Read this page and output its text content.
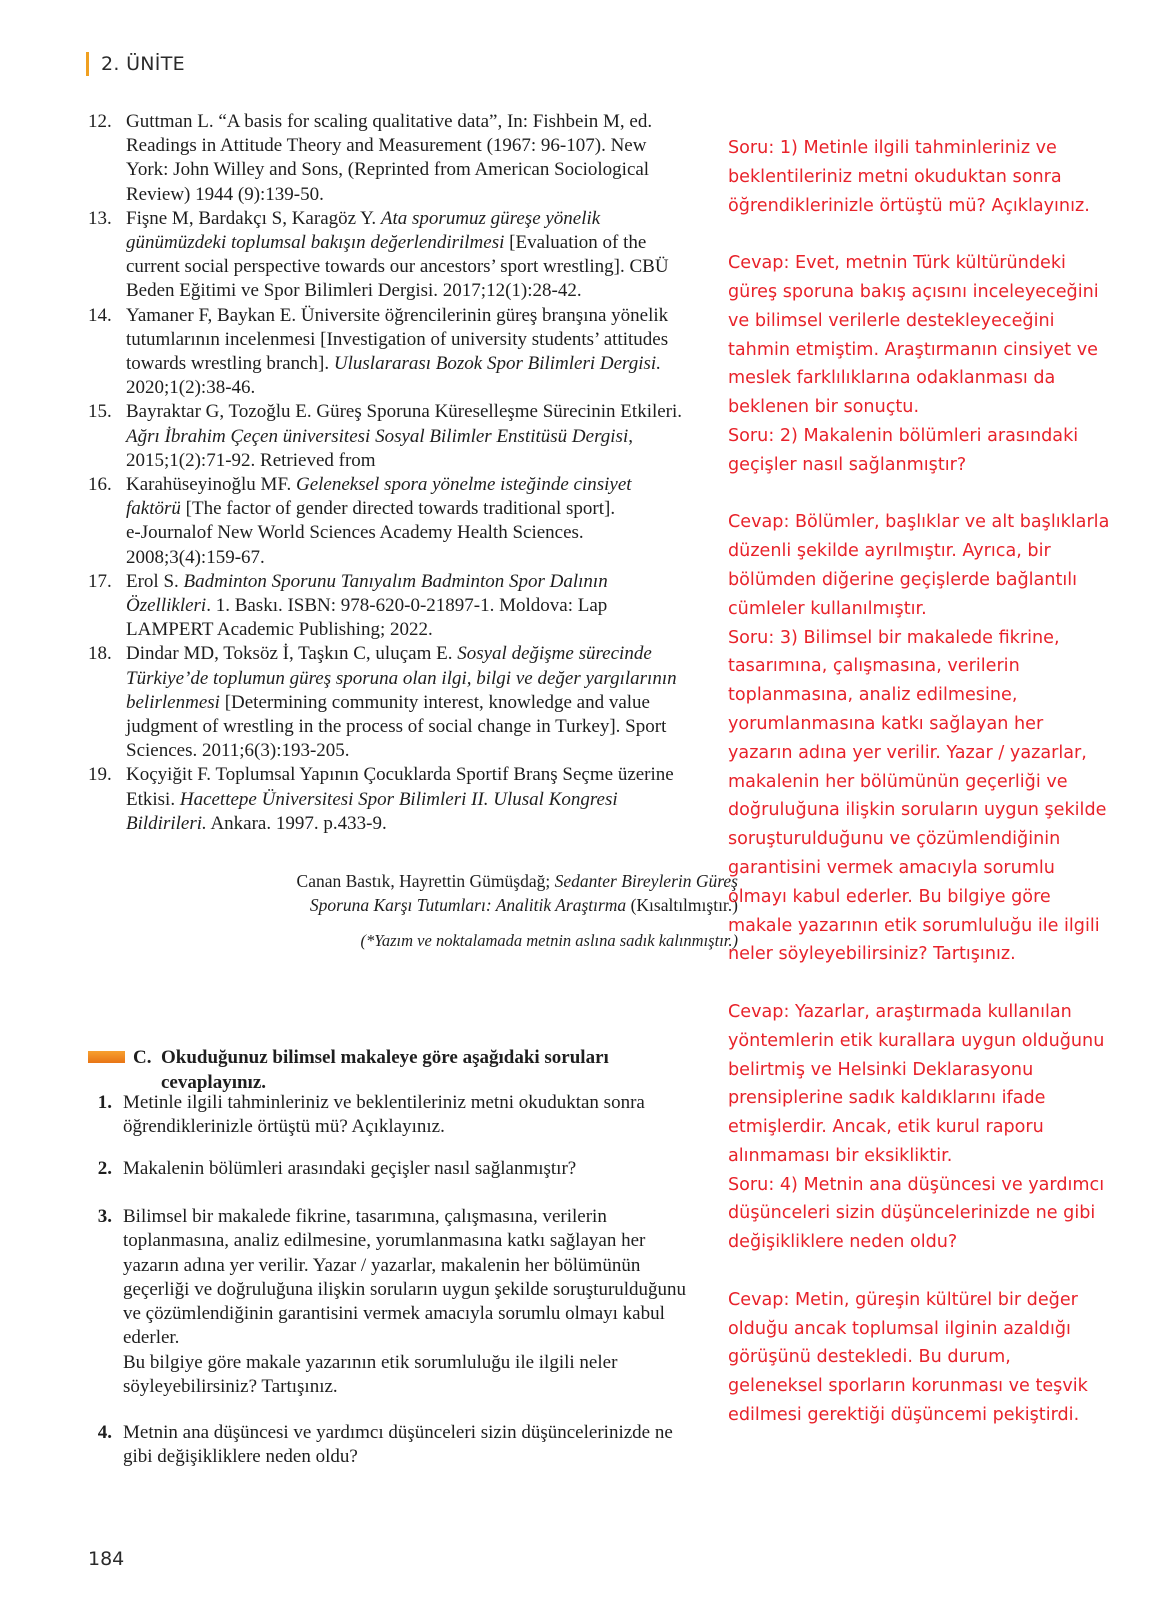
2. ÜNİTE
12. Guttman L. “A basis for scaling qualitative data”, In: Fishbein M, ed.
Readings in Attitude Theory and Measurement (1967: 96-107). New
York: John Willey and Sons, (Reprinted from American Sociological
Review) 1944 (9):139-50.
13. Fişne M, Bardakçı S, Karagöz Y. Ata sporumuz güreşe yönelik
günümüzdeki toplumsal bakışın değerlendirilmesi [Evaluation of the
current social perspective towards our ancestors’ sport wrestling]. CBÜ
Beden Eğitimi ve Spor Bilimleri Dergisi. 2017;12(1):28-42.
14. Yamaner F, Baykan E. Üniversite öğrencilerinin güreş branşına yönelik
tutumlarının incelenmesi [Investigation of university students’ attitudes
towards wrestling branch]. Uluslararası Bozok Spor Bilimleri Dergisi.
2020;1(2):38-46.
15. Bayraktar G, Tozoğlu E. Güreş Sporuna Küreselleşme Sürecinin Etkileri.
Ağrı İbrahim Çeçen üniversitesi Sosyal Bilimler Enstitüsü Dergisi,
2015;1(2):71-92. Retrieved from
16. Karahüseyinoğlu MF. Geleneksel spora yönelme isteğinde cinsiyet
faktörü [The factor of gender directed towards traditional sport].
e-Journalof New World Sciences Academy Health Sciences.
2008;3(4):159-67.
17. Erol S. Badminton Sporunu Tanıyalım Badminton Spor Dalının
Özellikleri. 1. Baskı. ISBN: 978-620-0-21897-1. Moldova: Lap
LAMPERT Academic Publishing; 2022.
18. Dindar MD, Toksöz İ, Taşkın C, uluçam E. Sosyal değişme sürecinde
Türkiye’de toplumun güreş sporuna olan ilgi, bilgi ve değer yargılarının
belirlenmesi [Determining community interest, knowledge and value
judgment of wrestling in the process of social change in Turkey]. Sport
Sciences. 2011;6(3):193-205.
19. Koçyiğit F. Toplumsal Yapının Çocuklarda Sportif Branş Seçme üzerine
Etkisi. Hacettepe Üniversitesi Spor Bilimleri II. Ulusal Kongresi
Bildirileri. Ankara. 1997. p.433-9.
Canan Bastık, Hayrettin Gümüşdağ; Sedanter Bireylerin Güreş
Sporuna Karşı Tutumları: Analitik Araştırma (Kısaltılmıştır.)
(*Yazım ve noktalamada metnin aslına sadık kalınmıştır.)
C. Okuduğunuz bilimsel makaleye göre aşağıdaki soruları
cevaplayınız.
1. Metinle ilgili tahminleriniz ve beklentileriniz metni okuduktan sonra
öğrendiklerinizle örtüştü mü? Açıklayınız.
2. Makalenin bölümleri arasındaki geçişler nasıl sağlanmıştır?
3. Bilimsel bir makalede fikrine, tasarımına, çalışmasına, verilerin
toplanmasına, analiz edilmesine, yorumlanmasına katkı sağlayan her
yazarın adına yer verilir. Yazar / yazarlar, makalenin her bölümünün
geçerliği ve doğruluğuna ilişkin soruların uygun şekilde soruşturulduğunu
ve çözümlendiğinin garantisini vermek amacıyla sorumlu olmayı kabul
ederler.
Bu bilgiye göre makale yazarının etik sorumluluğu ile ilgili neler
söyleyebilirsiniz? Tartışınız.
4. Metnin ana düşüncesi ve yardımcı düşünceleri sizin düşüncelerinizde ne
gibi değişikliklere neden oldu?
184
Soru: 1) Metinle ilgili tahminleriniz ve
beklentileriniz metni okuduktan sonra
öğrendiklerinizle örtüştü mü? Açıklayınız.
Cevap: Evet, metnin Türk kültüründeki
güreş sporuna bakış açısını inceleyeceğini
ve bilimsel verilerle destekleyeceğini
tahmin etmiştim. Araştırmanın cinsiyet ve
meslek farklılıklarına odaklanması da
beklenen bir sonuçtu.
Soru: 2) Makalenin bölümleri arasındaki
geçişler nasıl sağlanmıştır?
Cevap: Bölümler, başlıklar ve alt başlıklarla
düzenli şekilde ayrılmıştır. Ayrıca, bir
bölümden diğerine geçişlerde bağlantılı
cümleler kullanılmıştır.
Soru: 3) Bilimsel bir makalede fikrine,
tasarımına, çalışmasına, verilerin
toplanmasına, analiz edilmesine,
yorumlanmasına katkı sağlayan her
yazarın adına yer verilir. Yazar / yazarlar,
makalenin her bölümünün geçerliği ve
doğruluğuna ilişkin soruların uygun şekilde
soruşturulduğunu ve çözümlendiğinin
garantisini vermek amacıyla sorumlu
olmayı kabul ederler. Bu bilgiye göre
makale yazarının etik sorumluluğu ile ilgili
neler söyleyebilirsiniz? Tartışınız.
Cevap: Yazarlar, araştırmada kullanılan
yöntemlerin etik kurallara uygun olduğunu
belirtmiş ve Helsinki Deklarasyonu
prensiplerine sadık kaldıklarını ifade
etmişlerdir. Ancak, etik kurul raporu
alınmaması bir eksikliktir.
Soru: 4) Metnin ana düşüncesi ve yardımcı
düşünceleri sizin düşüncelerinizde ne gibi
değişikliklere neden oldu?
Cevap: Metin, güreşin kültürel bir değer
olduğu ancak toplumsal ilginin azaldığı
görüşünü destekledi. Bu durum,
geleneksel sporların korunması ve teşvik
edilmesi gerektiği düşüncemi pekiştirdi.
